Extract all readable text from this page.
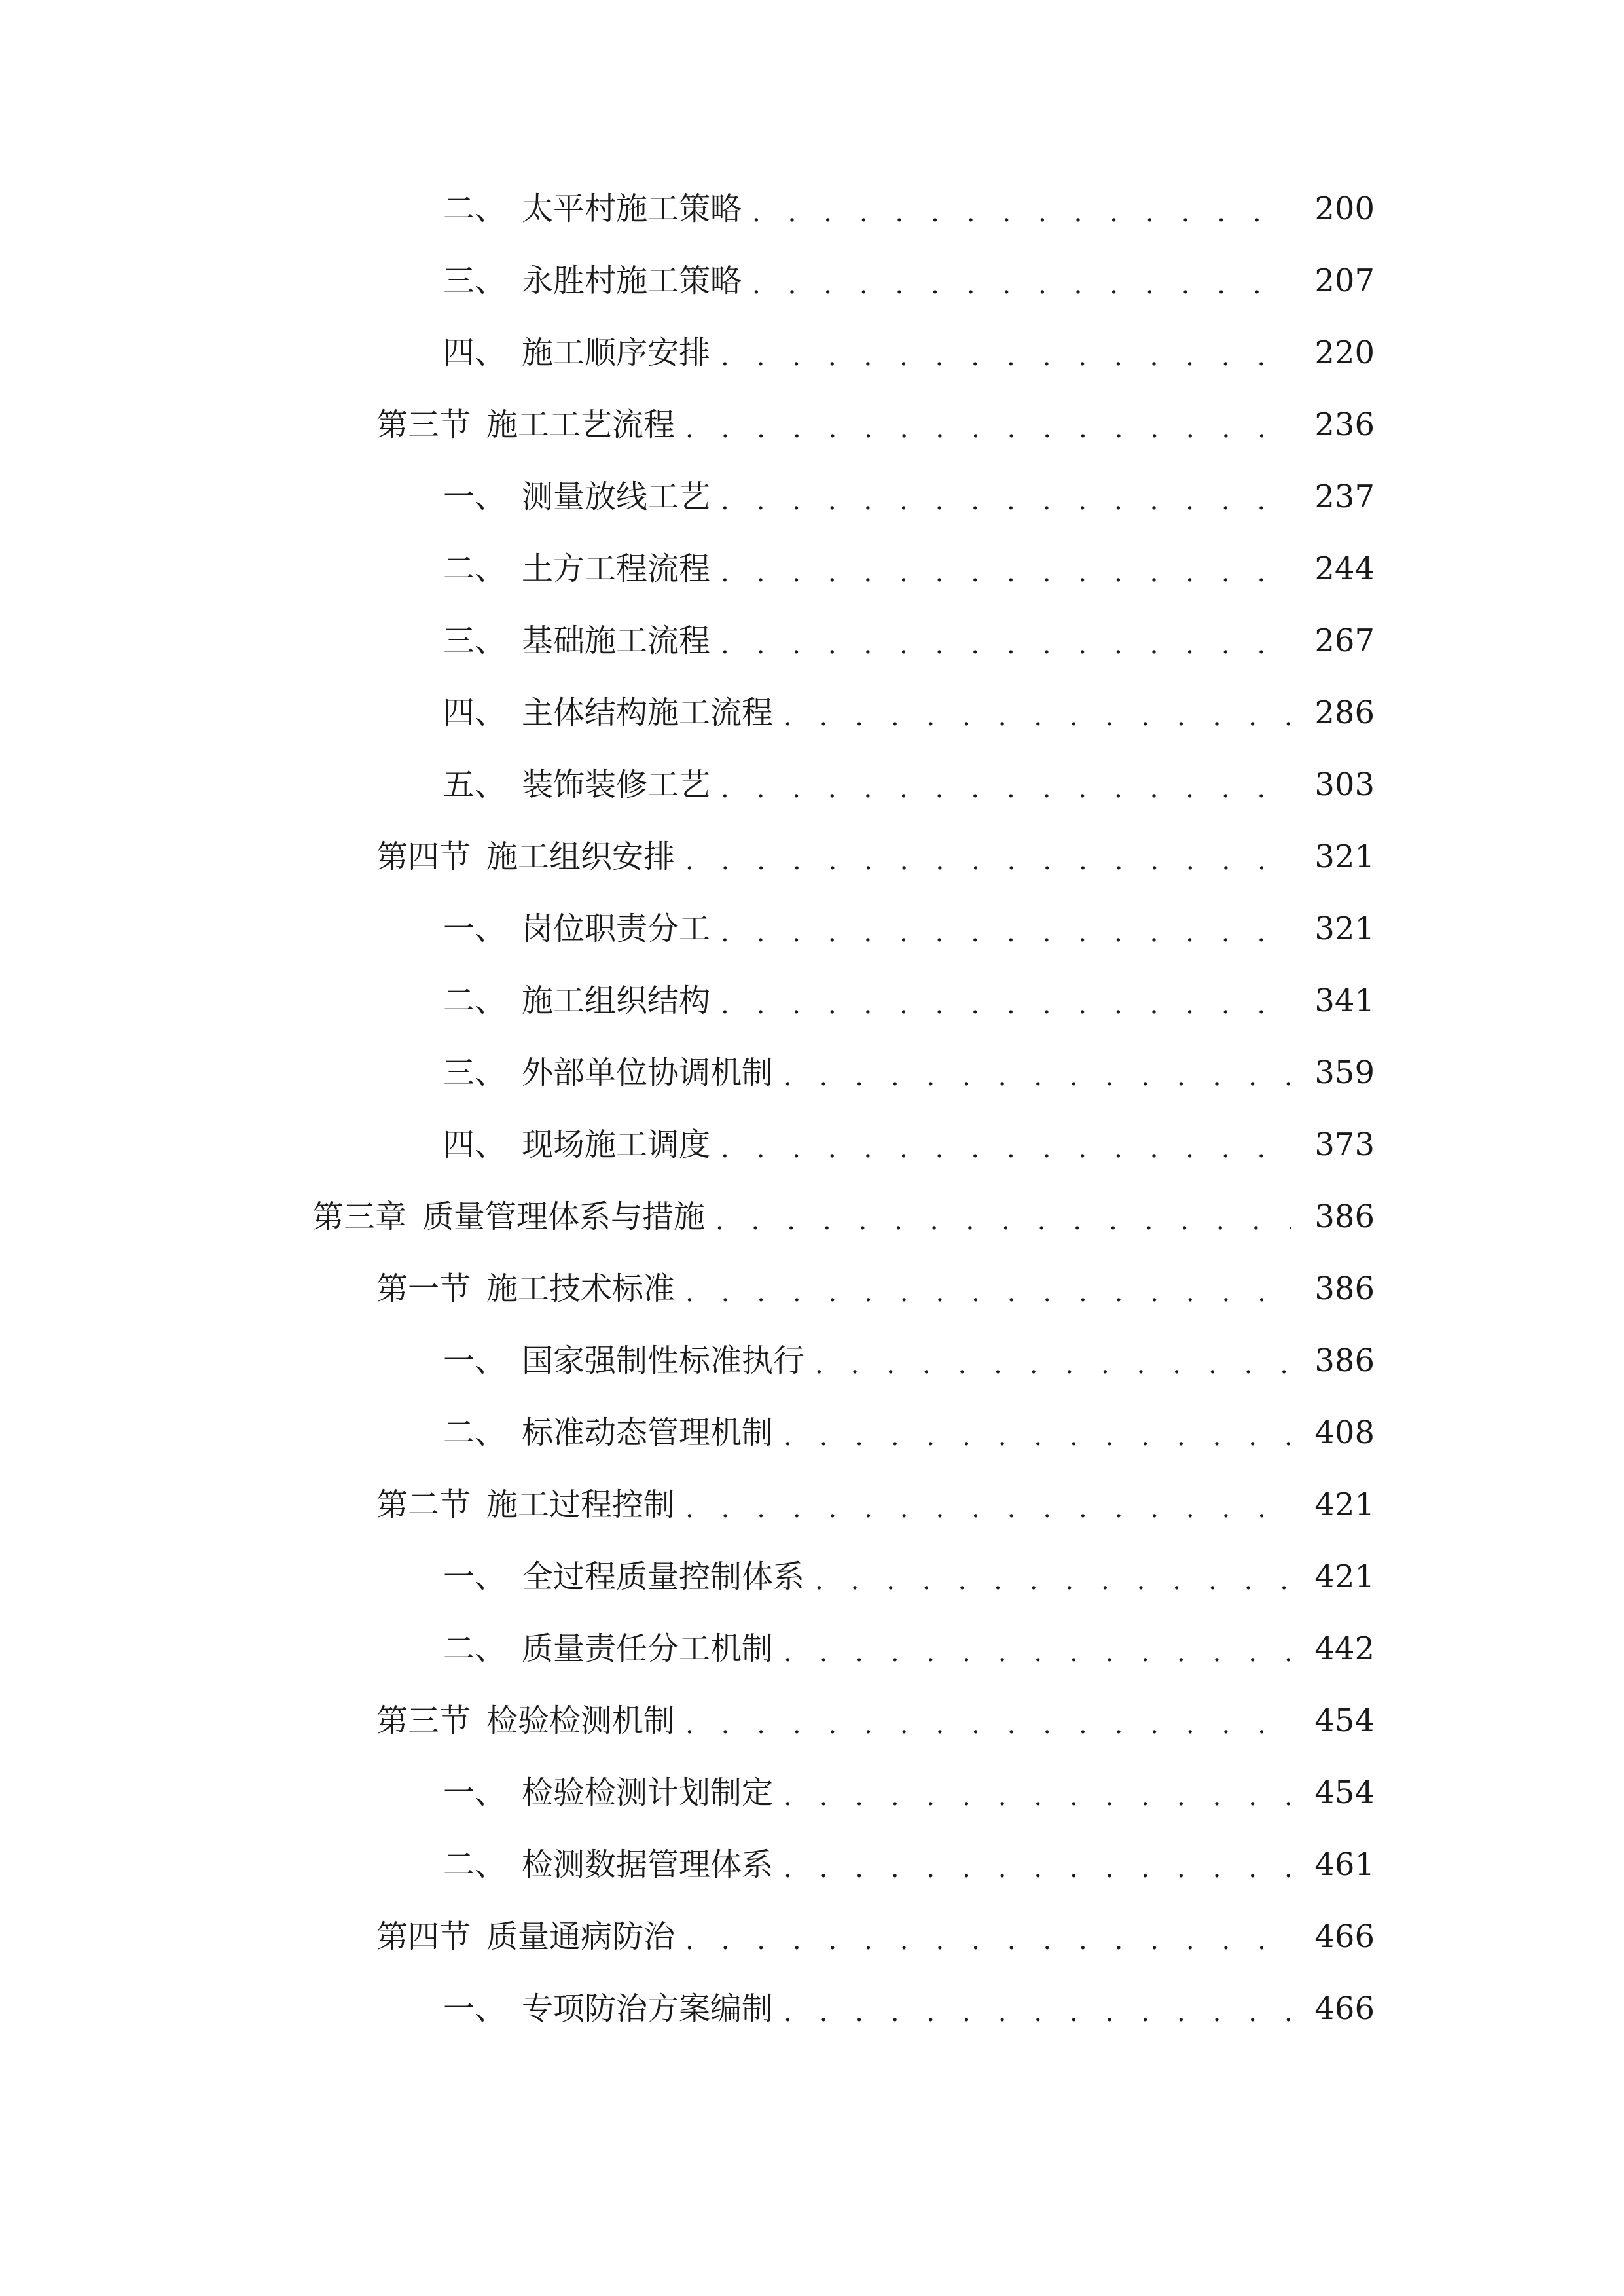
二、 太平村施工策略 . . .	200
三、 永胜村施工策略 . . .	207
四、 施工顺序安排 . . .	220
第三节 施工工艺流程 . . .	236
一、 测量放线工艺 . . .	237
二、 土方工程流程 . . .	244
三、 基础施工流程 . . .	267
四、 主体结构施工流程 . . .	286
五、 装饰装修工艺 . . .	303
第四节 施工组织安排 . . .	321
一、 岗位职责分工 . . .	321
二、 施工组织结构 . . .	341
三、 外部单位协调机制 . . .	359
四、 现场施工调度 . . .	373
第三章 质量管理体系与措施 . . .	386
第一节 施工技术标准 . . .	386
一、 国家强制性标准执行 . . .	386
二、 标准动态管理机制 . . .	408
第二节 施工过程控制 . . .	421
一、 全过程质量控制体系 . . .	421
二、 质量责任分工机制 . . .	442
第三节 检验检测机制 . . .	454
一、 检验检测计划制定 . . .	454
二、 检测数据管理体系 . . .	461
第四节 质量通病防治 . . .	466
一、 专项防治方案编制 . . .	466
